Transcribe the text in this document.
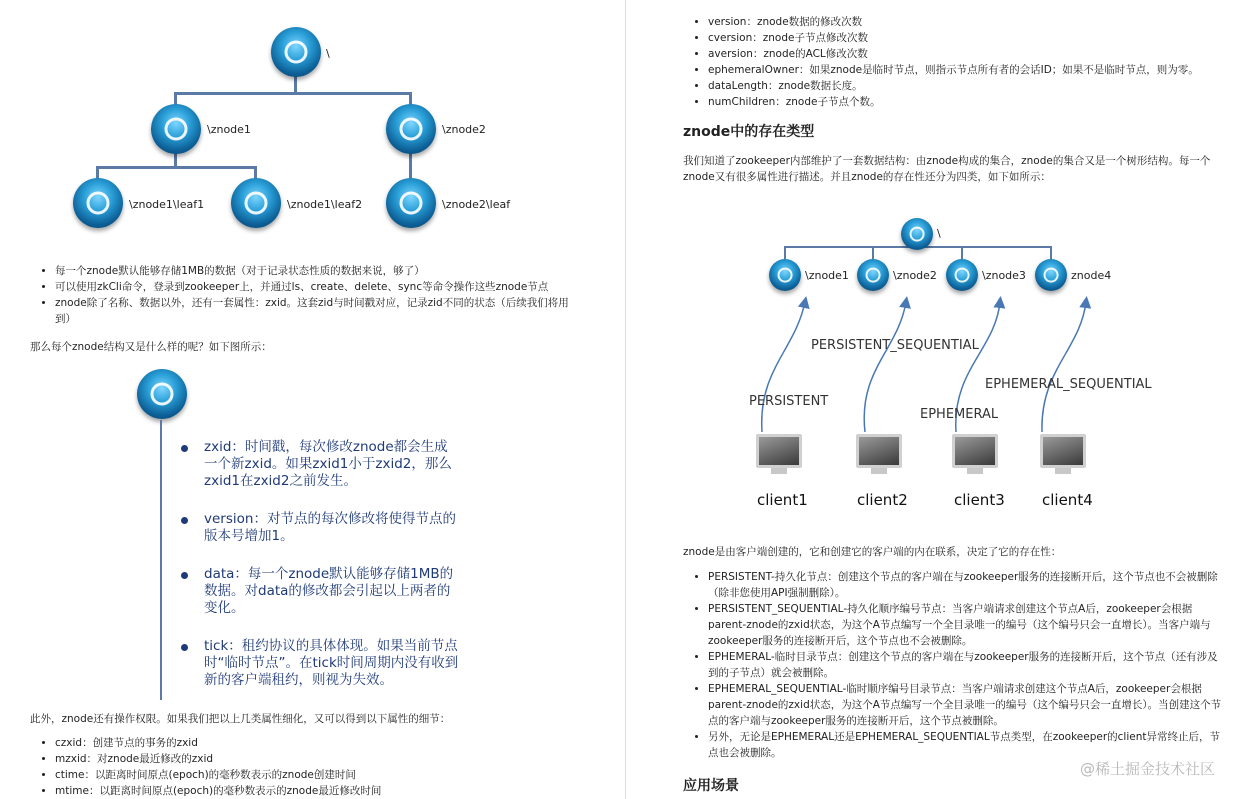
\
\znode1	\znode2
\znode1\leaf1	\znode1\leaf2	\znode2\leaf
• 每一个znode默认能够存储1MB的数据（对于记录状态性质的数据来说，够了）
• 可以使用zkCli命令，登录到zookeeper上，并通过ls、create、delete、sync等命令操作这些znode节点
• znode除了名称、数据以外，还有一套属性：zxid。这套zid与时间戳对应，记录zid不同的状态（后续我们将用到）
那么每个znode结构又是什么样的呢？如下图所示：
zxid：时间戳，每次修改znode都会生成一个新zxid。如果zxid1小于zxid2，那么zxid1在zxid2之前发生。
version：对节点的每次修改将使得节点的版本号增加1。
data：每一个znode默认能够存储1MB的数据。对data的修改都会引起以上两者的变化。
tick：租约协议的具体体现。如果当前节点时“临时节点”。在tick时间周期内没有收到新的客户端租约，则视为失效。
此外，znode还有操作权限。如果我们把以上几类属性细化，又可以得到以下属性的细节：
• czxid：创建节点的事务的zxid
• mzxid：对znode最近修改的zxid
• ctime：以距离时间原点(epoch)的毫秒数表示的znode创建时间
• mtime：以距离时间原点(epoch)的毫秒数表示的znode最近修改时间
• version：znode数据的修改次数
• cversion：znode子节点修改次数
• aversion：znode的ACL修改次数
• ephemeralOwner：如果znode是临时节点，则指示节点所有者的会话ID；如果不是临时节点，则为零。
• dataLength：znode数据长度。
• numChildren：znode子节点个数。
znode中的存在类型
我们知道了zookeeper内部维护了一套数据结构：由znode构成的集合，znode的集合又是一个树形结构。每一个znode又有很多属性进行描述。并且znode的存在性还分为四类，如下如所示：
\
\znode1	\znode2	\znode3	znode4
PERSISTENT
PERSISTENT_SEQUENTIAL
EPHEMERAL
EPHEMERAL_SEQUENTIAL
client1	client2	client3 client4
znode是由客户端创建的，它和创建它的客户端的内在联系，决定了它的存在性：
• PERSISTENT-持久化节点：创建这个节点的客户端在与zookeeper服务的连接断开后，这个节点也不会被删除（除非您使用API强制删除）。
• PERSISTENT_SEQUENTIAL-持久化顺序编号节点：当客户端请求创建这个节点A后，zookeeper会根据parent-znode的zxid状态，为这个A节点编写一个全目录唯一的编号（这个编号只会一直增长）。当客户端与zookeeper服务的连接断开后，这个节点也不会被删除。
• EPHEMERAL-临时目录节点：创建这个节点的客户端在与zookeeper服务的连接断开后，这个节点（还有涉及到的子节点）就会被删除。
• EPHEMERAL_SEQUENTIAL-临时顺序编号目录节点：当客户端请求创建这个节点A后，zookeeper会根据parent-znode的zxid状态，为这个A节点编写一个全目录唯一的编号（这个编号只会一直增长）。当创建这个节点的客户端与zookeeper服务的连接断开后，这个节点被删除。
• 另外，无论是EPHEMERAL还是EPHEMERAL_SEQUENTIAL节点类型，在zookeeper的client异常终止后，节点也会被删除。
应用场景
@稀土掘金技术社区
